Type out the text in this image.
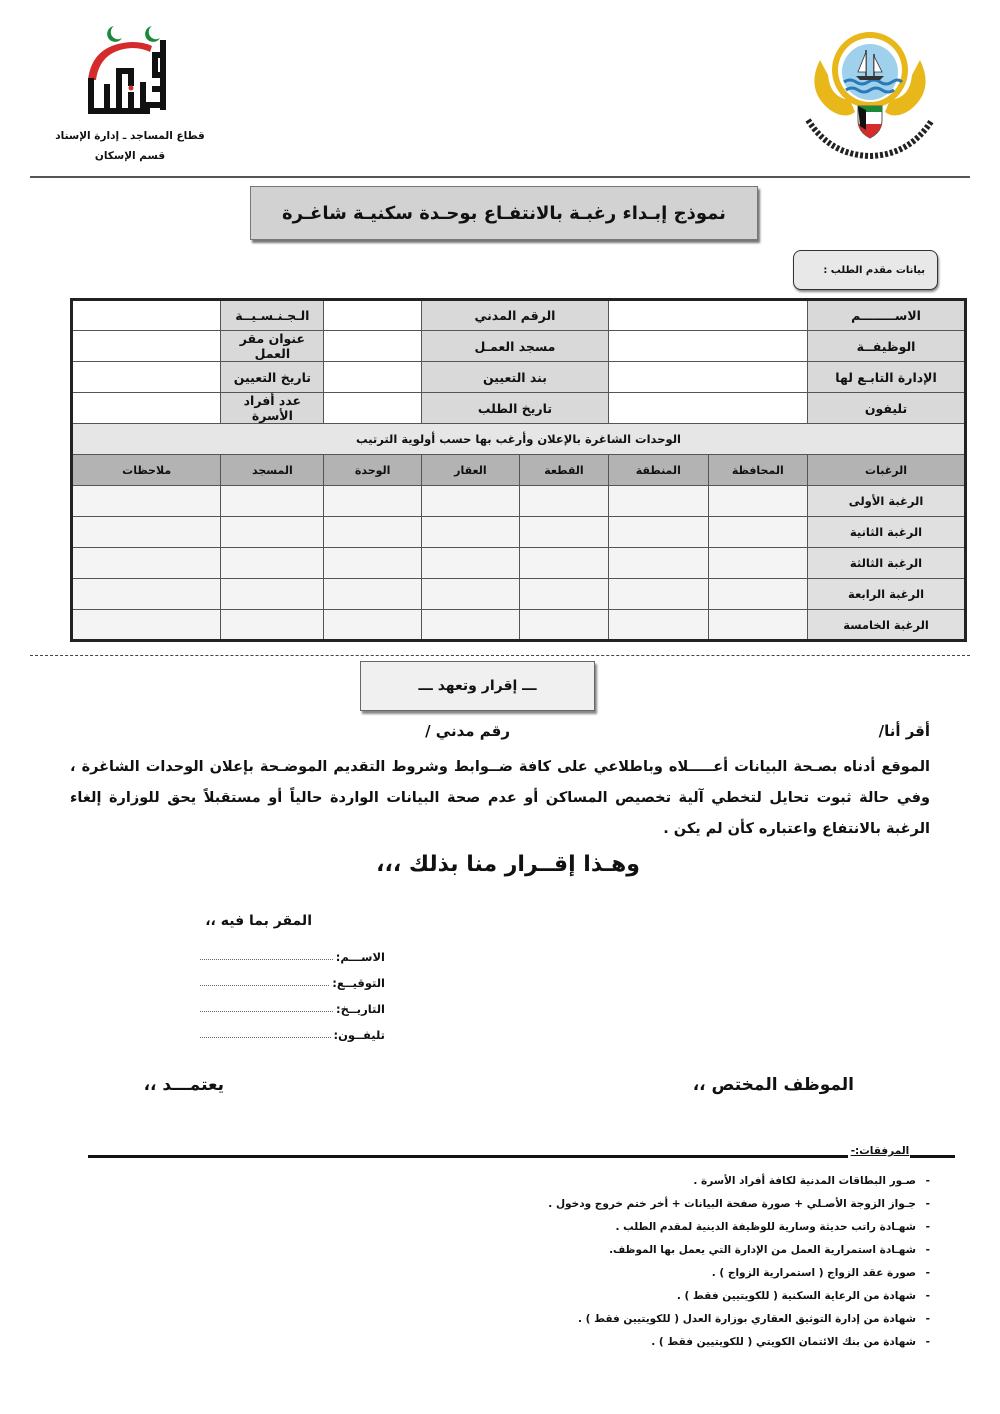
قطاع المساجد ـ إدارة الإسناد
قسم الإسكان
نموذج إبـداء رغبـة بالانتفـاع بوحـدة سكنيـة شاغـرة
بيانات مقدم الطلب :
الاســــــــم			الرقم المدني			الـجـنـسـيــة	
الوظيفــة			مسجد العمـل			عنوان مقر العمل	
الإدارة التابـع لها			بند التعيين			تاريخ التعيين	
تليفون			تاريخ الطلب			عدد أفراد الأسرة	
الوحدات الشاغرة بالإعلان وأرغب بها حسب أولوية الترتيب							
الرغبات	المحافظة	المنطقة	القطعة	العقار	الوحدة	المسجد	ملاحظات
الرغبة الأولى							
الرغبة الثانية							
الرغبة الثالثة							
الرغبة الرابعة							
الرغبة الخامسة							
ـــ إقرار وتعهد ـــ
أقر أنا/
رقم مدني /
الموقع أدناه بصـحة البيانات أعـــــلاه وباطلاعي على كافة ضــوابط وشروط التقديم الموضـحة بإعلان الوحدات الشاغرة ، وفي حالة ثبوت تحايل لتخطي آلية تخصيص المساكن أو عدم صحة البيانات الواردة حالياً أو مستقبلاً يحق للوزارة إلغاء الرغبة بالانتفاع واعتباره كأن لم يكن .
وهـذا إقــرار منا بذلك ،،،
المقر بما فيه ،،
الاســـم:
التوقيــع:
التاريــخ:
تليفــون:
الموظف المختص ،،
يعتمـــد ،،
المرفقات:-
-صـور البطاقات المدنية لكافة أفراد الأسرة .
-جـواز الزوجة الأصـلي + صورة صفحة البيانات + أخر ختم خروج ودخول .
-شهـادة راتب حديثة وسارية للوظيفة الدينية لمقدم الطلب .
-شهـادة استمرارية العمل من الإدارة التي يعمل بها الموظف.
-صورة عقد الزواج ( استمرارية الزواج ) .
-شهادة من الرعاية السكنية ( للكويتيين فقط ) .
-شهادة من إدارة التوثيق العقاري بوزارة العدل ( للكويتيين فقط ) .
-شهادة من بنك الائتمان الكويتي ( للكويتيين فقط ) .
